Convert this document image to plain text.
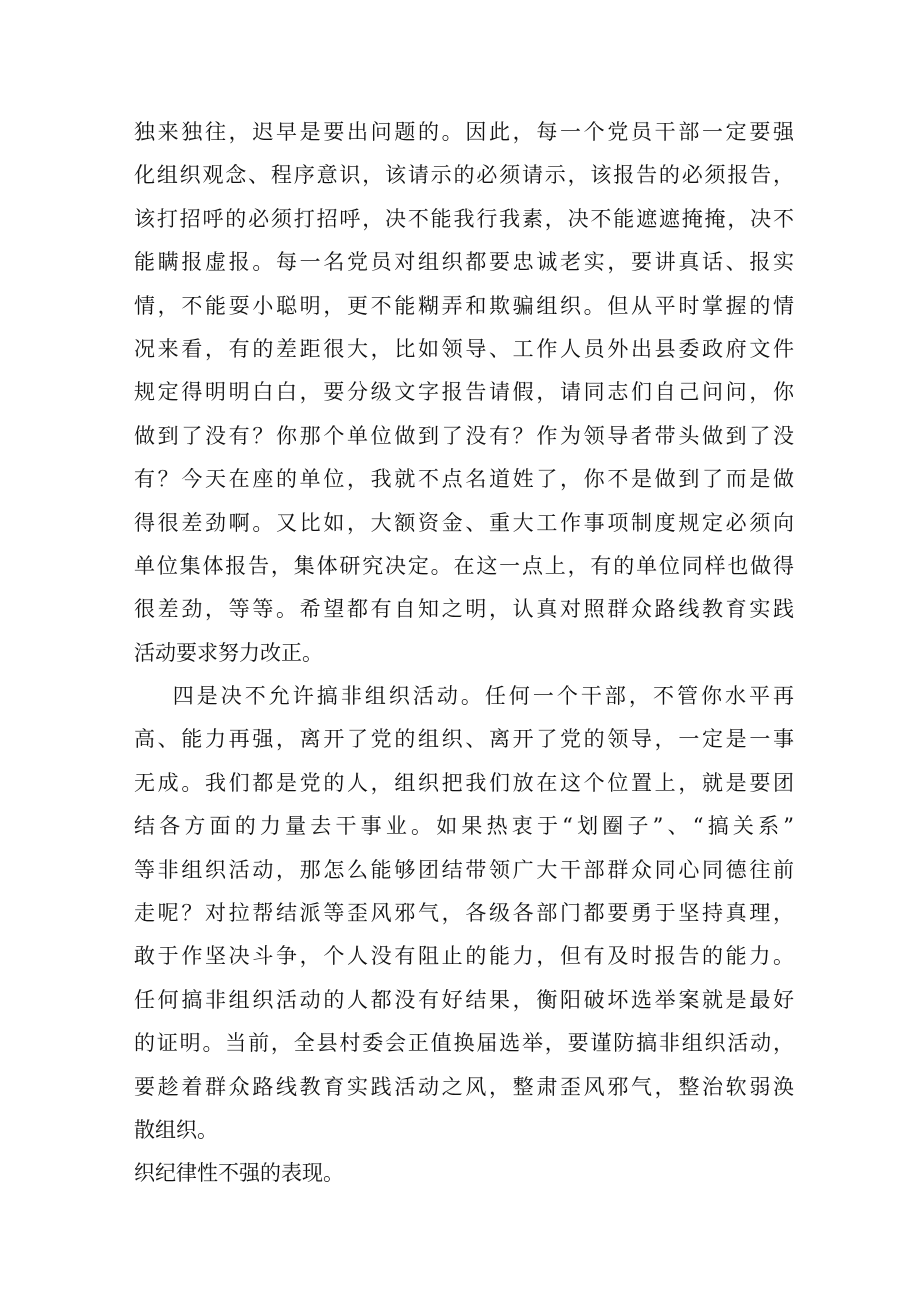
独来独往，迟早是要出问题的。因此，每一个党员干部一定要强
化组织观念、程序意识，该请示的必须请示，该报告的必须报告，
该打招呼的必须打招呼，决不能我行我素，决不能遮遮掩掩，决不
能瞒报虚报。每一名党员对组织都要忠诚老实，要讲真话、报实
情，不能耍小聪明，更不能糊弄和欺骗组织。但从平时掌握的情
况来看，有的差距很大，比如领导、工作人员外出县委政府文件
规定得明明白白，要分级文字报告请假，请同志们自己问问，你
做到了没有？你那个单位做到了没有？作为领导者带头做到了没
有？今天在座的单位，我就不点名道姓了，你不是做到了而是做
得很差劲啊。又比如，大额资金、重大工作事项制度规定必须向
单位集体报告，集体研究决定。在这一点上，有的单位同样也做得
很差劲，等等。希望都有自知之明，认真对照群众路线教育实践
活动要求努力改正。
四是决不允许搞非组织活动。任何一个干部，不管你水平再
高、能力再强，离开了党的组织、离开了党的领导，一定是一事
无成。我们都是党的人，组织把我们放在这个位置上，就是要团
结各方面的力量去干事业。如果热衷于“划圈子”、“搞关系”
等非组织活动，那怎么能够团结带领广大干部群众同心同德往前
走呢？对拉帮结派等歪风邪气，各级各部门都要勇于坚持真理，
敢于作坚决斗争，个人没有阻止的能力，但有及时报告的能力。
任何搞非组织活动的人都没有好结果，衡阳破坏选举案就是最好
的证明。当前，全县村委会正值换届选举，要谨防搞非组织活动，
要趁着群众路线教育实践活动之风，整肃歪风邪气，整治软弱涣
散组织。
织纪律性不强的表现。
